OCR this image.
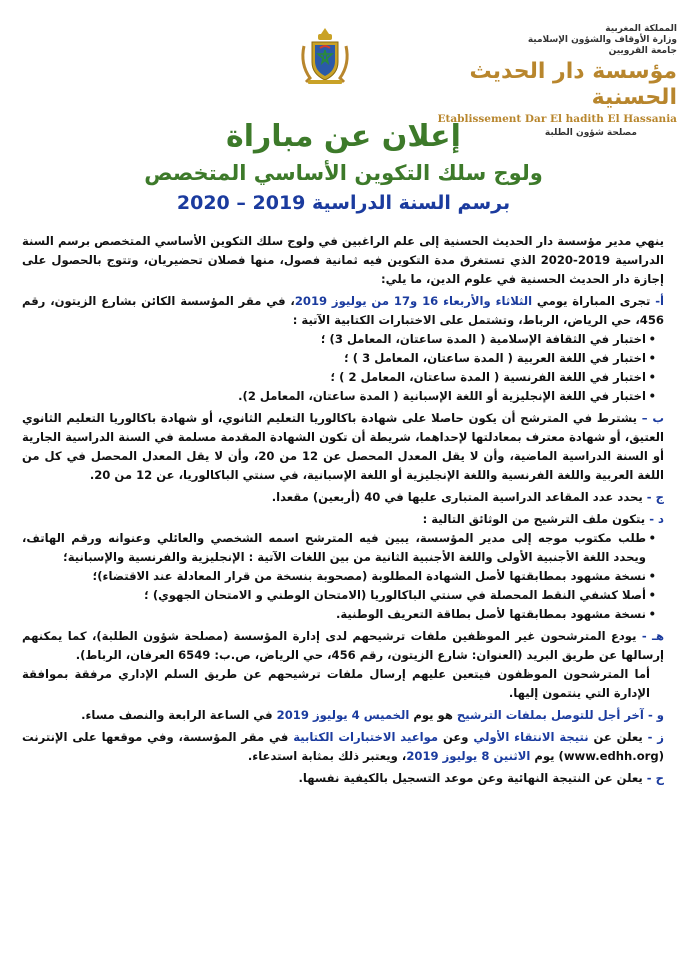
المملكة المغربية
وزارة الأوقاف والشؤون الإسلامية
جامعة القرويين
مؤسسة دار الحديث الحسنية
Etablissement Dar El hadith El Hassania
مصلحة شؤون الطلبة
إعلان عن مباراة
ولوج سلك التكوين الأساسي المتخصص
برسم السنة الدراسية 2019 – 2020
ينهي مدير مؤسسة دار الحديث الحسنية إلى علم الراغبين في ولوج سلك التكوين الأساسي المتخصص برسم السنة الدراسية 2019-2020 الذي تستغرق مدة التكوين فيه ثمانية فصول، منها فصلان تحضيريان، وتتوج بالحصول على إجازة دار الحديث الحسنية في علوم الدين، ما يلي:
أ- تجرى المباراة يومي الثلاثاء والأربعاء 16 و17 من يوليوز 2019، في مقر المؤسسة الكائن بشارع الزيتون، رقم 456، حي الرياض، الرباط، وتشتمل على الاختبارات الكتابية الآتية :
• اختبار في الثقافة الإسلامية ( المدة ساعتان، المعامل 3) ؛
• اختبار في اللغة العربية ( المدة ساعتان، المعامل 3 ) ؛
• اختبار في اللغة الفرنسية ( المدة ساعتان، المعامل 2 ) ؛
• اختبار في اللغة الإنجليزية أو اللغة الإسبانية ( المدة ساعتان، المعامل 2).
ب – يشترط في المترشح أن يكون حاصلا على شهادة باكالوريا التعليم الثانوي، أو شهادة باكالوريا التعليم الثانوي العتيق، أو شهادة معترف بمعادلتها لإحداهما، شريطة أن تكون الشهادة المقدمة مسلمة في السنة الدراسية الجارية أو السنة الدراسية الماضية، وأن لا يقل المعدل المحصل عن 12 من 20، وأن لا يقل المعدل المحصل في كل من اللغة العربية واللغة الفرنسية واللغة الإنجليزية أو اللغة الإسبانية، في سنتي الباكالوريا، عن 12 من 20.
ج - يحدد عدد المقاعد الدراسية المتبارى عليها في 40 (أربعين) مقعدا.
د - يتكون ملف الترشيح من الوثائق التالية :
• طلب مكتوب موجه إلى مدير المؤسسة، يبين فيه المترشح اسمه الشخصي والعائلي وعنوانه ورقم الهاتف، ويحدد اللغة الأجنبية الأولى واللغة الأجنبية الثانية من بين اللغات الآتية : الإنجليزية والفرنسية والإسبانية؛
• نسخة مشهود بمطابقتها لأصل الشهادة المطلوبة (مصحوبة بنسخة من قرار المعادلة عند الاقتضاء)؛
• أصلا كشفي النقط المحصلة في سنتي الباكالوريا (الامتحان الوطني و الامتحان الجهوي) ؛
• نسخة مشهود بمطابقتها لأصل بطاقة التعريف الوطنية.
هـ - يودع المترشحون غير الموظفين ملفات ترشيحهم لدى إدارة المؤسسة (مصلحة شؤون الطلبة)، كما يمكنهم إرسالها عن طريق البريد (العنوان: شارع الزيتون، رقم 456، حي الرياض، ص.ب: 6549 العرفان، الرباط).
أما المترشحون الموظفون فيتعين عليهم إرسال ملفات ترشيحهم عن طريق السلم الإداري مرفقة بموافقة الإدارة التي ينتمون إليها.
و - آخر أجل للتوصل بملفات الترشيح هو يوم الخميس 4 يوليوز 2019 في الساعة الرابعة والنصف مساء.
ز - يعلن عن نتيجة الانتقاء الأولي وعن مواعيد الاختبارات الكتابية في مقر المؤسسة، وفي موقعها على الإنترنت (www.edhh.org) يوم الاثنين 8 يوليوز 2019، ويعتبر ذلك بمثابة استدعاء.
ح - يعلن عن النتيجة النهائية وعن موعد التسجيل بالكيفية نفسها.
